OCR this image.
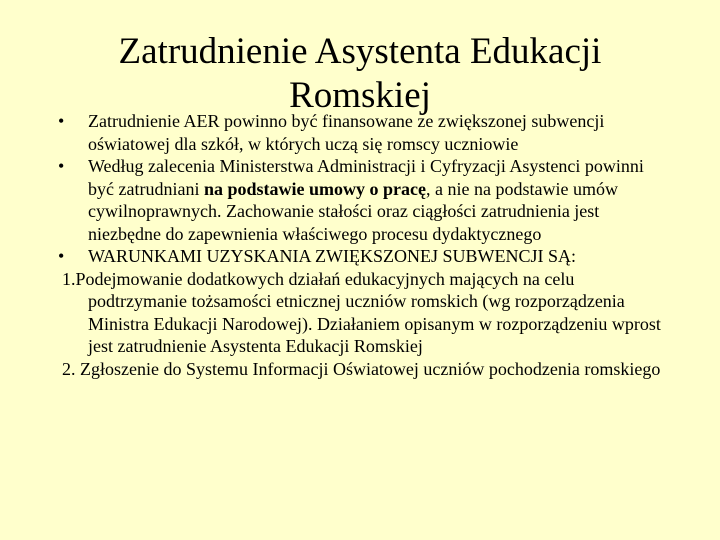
Zatrudnienie Asystenta Edukacji Romskiej
• Zatrudnienie AER powinno być finansowane ze zwiększonej subwencji oświatowej dla szkół, w których uczą się romscy uczniowie
• Według zalecenia Ministerstwa Administracji i Cyfryzacji Asystenci powinni być zatrudniani na podstawie umowy o pracę, a nie na podstawie umów cywilnoprawnych. Zachowanie stałości oraz ciągłości zatrudnienia jest niezbędne do zapewnienia właściwego procesu dydaktycznego
• WARUNKAMI UZYSKANIA ZWIĘKSZONEJ SUBWENCJI SĄ:
1.Podejmowanie dodatkowych działań edukacyjnych mających na celu podtrzymanie tożsamości etnicznej uczniów romskich (wg rozporządzenia Ministra Edukacji Narodowej). Działaniem opisanym w rozporządzeniu wprost jest zatrudnienie Asystenta Edukacji Romskiej
2. Zgłoszenie do Systemu Informacji Oświatowej uczniów pochodzenia romskiego
